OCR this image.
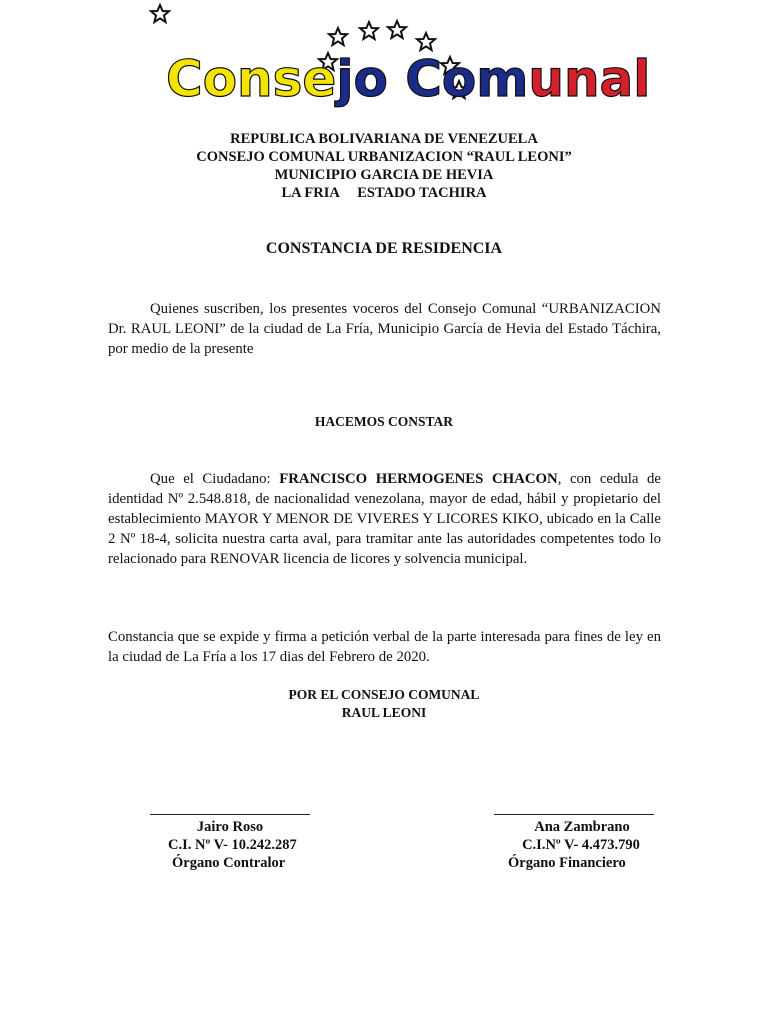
Consejo Comunal
REPUBLICA BOLIVARIANA DE VENEZUELA
CONSEJO COMUNAL URBANIZACION “RAUL LEONI”
MUNICIPIO GARCIA DE HEVIA
LA FRIA     ESTADO TACHIRA
CONSTANCIA DE RESIDENCIA
Quienes suscriben, los presentes voceros del Consejo Comunal “URBANIZACION Dr. RAUL LEONI” de la ciudad de La Fría, Municipio García de Hevia del Estado Táchira, por medio de la presente
HACEMOS CONSTAR
Que el Ciudadano: FRANCISCO HERMOGENES CHACON, con cedula de identidad Nº 2.548.818, de nacionalidad venezolana, mayor de edad, hábil y propietario del establecimiento MAYOR Y MENOR DE VIVERES Y LICORES KIKO, ubicado en la Calle 2 Nº 18-4, solicita nuestra carta aval, para tramitar ante las autoridades competentes todo lo relacionado para RENOVAR licencia de licores y solvencia municipal.
Constancia que se expide y firma a petición verbal de la parte interesada para fines de ley en la ciudad de La Fría a los 17 dias del Febrero de 2020.
POR EL CONSEJO COMUNAL
RAUL LEONI
Jairo Roso
C.I. Nº V- 10.242.287
Órgano Contralor
Ana Zambrano
C.I.Nº V- 4.473.790
Órgano Financiero
